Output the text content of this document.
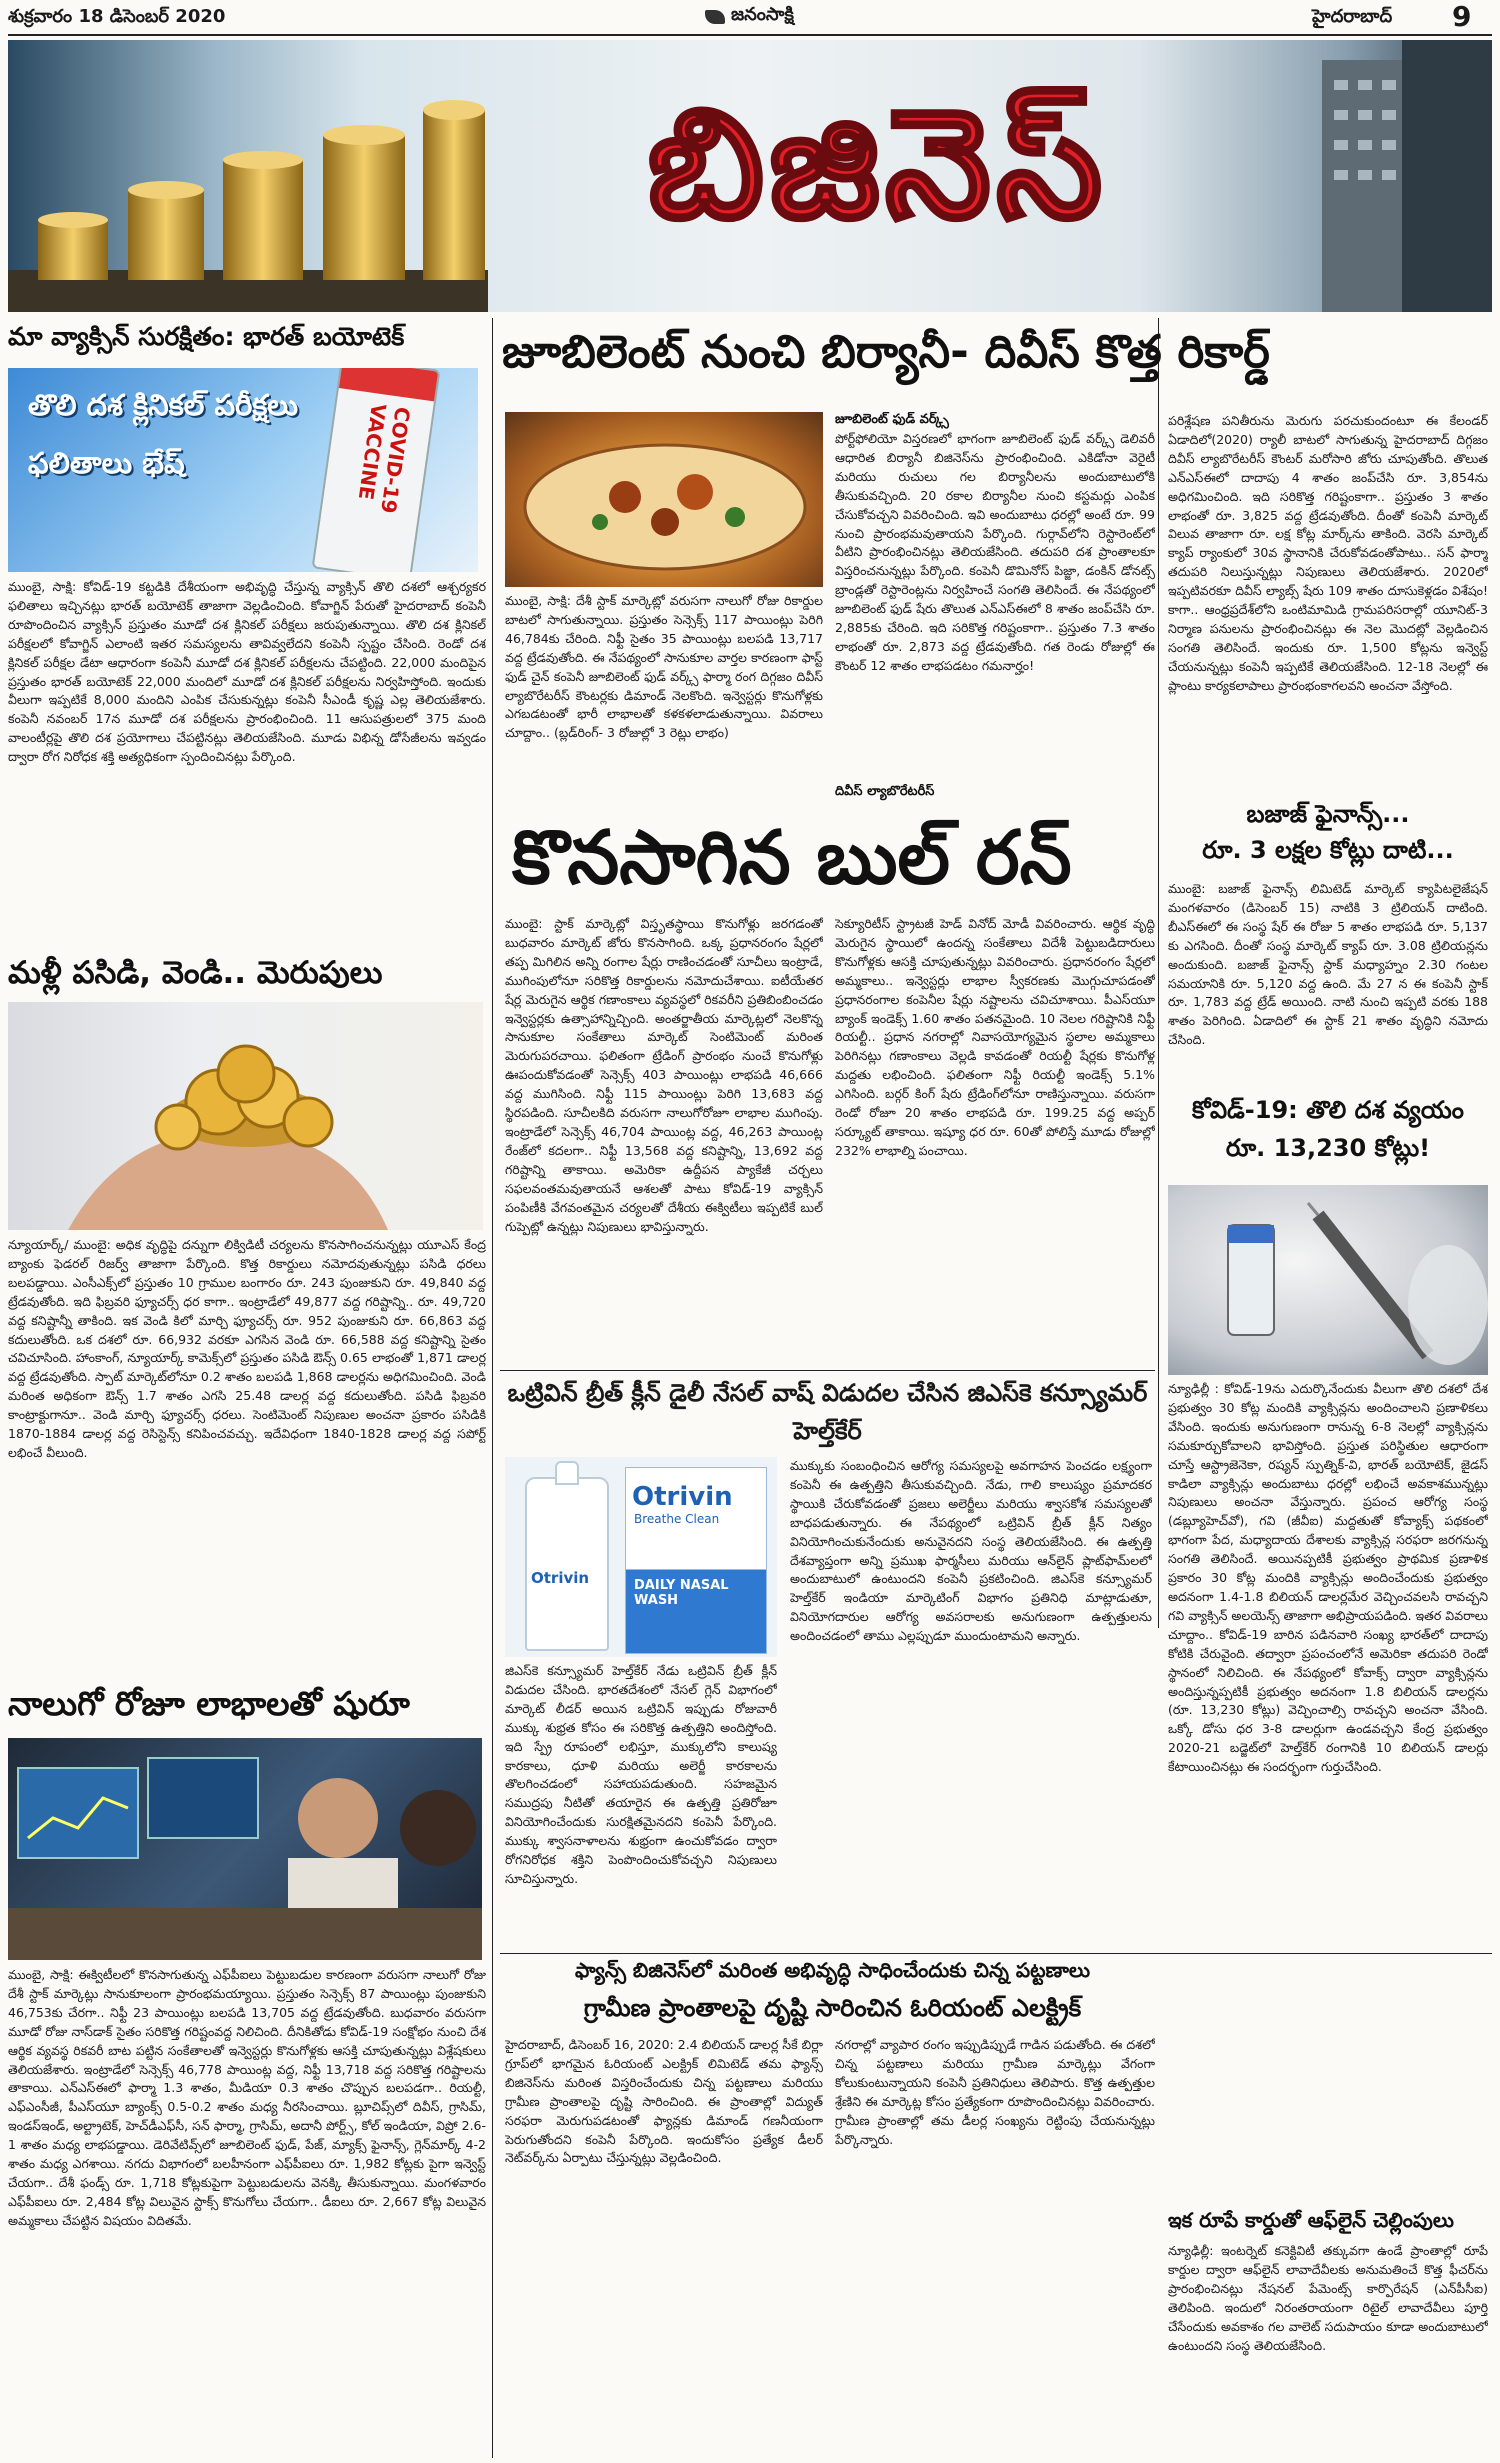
శుక్రవారం 18 డిసెంబర్ 2020	జనంసాక్షి	హైదరాబాద్ 9
బిజినెస్
మా వ్యాక్సిన్ సురక్షితం: భారత్ బయోటెక్
తొలి దశ క్లినికల్ పరీక్షలు ఫలితాలు భేష్	COVID-19 VACCINE
ముంబై, సాక్షి: కోవిడ్-19 కట్టడికి దేశీయంగా అభివృద్ధి చేస్తున్న వ్యాక్సిన్ తొలి దశలో ఆశ్చర్యకర ఫలితాలు ఇచ్చినట్లు భారత్ బయోటెక్ తాజాగా వెల్లడించింది. కోవాగ్జిన్ పేరుతో హైదరాబాద్ కంపెనీ రూపొందించిన వ్యాక్సిన్ ప్రస్తుతం మూడో దశ క్లినికల్ పరీక్షలు జరుపుతున్నాయి. తొలి దశ క్లినికల్ పరీక్షలలో కోవాగ్జిన్ ఎలాంటి ఇతర సమస్యలను తావివ్వలేదని కంపెనీ స్పష్టం చేసింది. రెండో దశ క్లినికల్ పరీక్షల డేటా ఆధారంగా కంపెనీ మూడో దశ క్లినికల్ పరీక్షలను చేపట్టింది. 22,000 మందిపైన ప్రస్తుతం భారత్ బయోటెక్ 22,000 మందిలో మూడో దశ క్లినికల్ పరీక్షలను నిర్వహిస్తోంది. ఇందుకు వీలుగా ఇప్పటికే 8,000 మందిని ఎంపిక చేసుకున్నట్లు కంపెనీ సీఎండీ కృష్ణ ఎల్ల తెలియజేశారు. కంపెనీ నవంబర్ 17న మూడో దశ పరీక్షలను ప్రారంభించింది. 11 ఆసుపత్రులలో 375 మంది వాలంటీర్లపై తొలి దశ ప్రయోగాలు చేపట్టినట్లు తెలియజేసింది. మూడు విభిన్న డోసేజీలను ఇవ్వడం ద్వారా రోగ నిరోధక శక్తి అత్యధికంగా స్పందించినట్లు పేర్కొంది.
మళ్లీ పసిడి, వెండి.. మెరుపులు
న్యూయార్క్/ ముంబై: అధిక వృద్ధిపై దన్నుగా లిక్విడిటీ చర్యలను కొనసాగించనున్నట్లు యూఎస్ కేంద్ర బ్యాంకు ఫెడరల్ రిజర్వ్ తాజాగా పేర్కొంది. కొత్త రికార్డులు నమోదవుతున్నట్లు పసిడి ధరలు బలపడ్డాయి. ఎంసీఎక్స్‌లో ప్రస్తుతం 10 గ్రాముల బంగారం రూ. 243 పుంజుకుని రూ. 49,840 వద్ద ట్రేడవుతోంది. ఇది ఫిబ్రవరి ఫ్యూచర్స్ ధర కాగా.. ఇంట్రాడేలో 49,877 వద్ద గరిష్టాన్ని.. రూ. 49,720 వద్ద కనిష్టాన్నీ తాకింది. ఇక వెండి కిలో మార్చి ఫ్యూచర్స్ రూ. 952 పుంజుకుని రూ. 66,863 వద్ద కదులుతోంది. ఒక దశలో రూ. 66,932 వరకూ ఎగసిన వెండి రూ. 66,588 వద్ద కనిష్టాన్ని సైతం చవిచూసింది. హాంకాంగ్, న్యూయార్క్ కామెక్స్‌లో ప్రస్తుతం పసిడి ఔన్స్ 0.65 లాభంతో 1,871 డాలర్ల వద్ద ట్రేడవుతోంది. స్పాట్ మార్కెట్‌లోనూ 0.2 శాతం బలపడి 1,868 డాలర్లను అధిగమించింది. వెండి మరింత అధికంగా ఔన్స్ 1.7 శాతం ఎగసి 25.48 డాలర్ల వద్ద కదులుతోంది. పసిడి ఫిబ్రవరి కాంట్రాక్టుగానూ.. వెండి మార్చి ఫ్యూచర్స్ ధరలు. సెంటిమెంట్ నిపుణుల అంచనా ప్రకారం పసిడికి 1870-1884 డాలర్ల వద్ద రెసిస్టెన్స్ కనిపించవచ్చు. ఇదేవిధంగా 1840-1828 డాలర్ల వద్ద సపోర్ట్ లభించే వీలుంది.
నాలుగో రోజూ లాభాలతో షురూ
ముంబై, సాక్షి: ఈక్విటీలలో కొనసాగుతున్న ఎఫ్‌పీఐలు పెట్టుబడుల కారణంగా వరుసగా నాలుగో రోజు దేశీ స్టాక్ మార్కెట్లు సానుకూలంగా ప్రారంభమయ్యాయి. ప్రస్తుతం సెన్సెక్స్ 87 పాయింట్లు పుంజుకుని 46,753కు చేరగా.. నిఫ్టీ 23 పాయింట్లు బలపడి 13,705 వద్ద ట్రేడవుతోంది. బుధవారం వరుసగా మూడో రోజు నాస్‌డాక్ సైతం సరికొత్త గరిష్టంవద్ద నిలిచింది. దీనికితోడు కోవిడ్-19 సంక్షోభం నుంచి దేశ ఆర్థిక వ్యవస్థ రికవరీ బాట పట్టిన సంకేతాలతో ఇన్వెస్టర్లు కొనుగోళ్లకు ఆసక్తి చూపుతున్నట్లు విశ్లేషకులు తెలియజేశారు. ఇంట్రాడేలో సెన్సెక్స్ 46,778 పాయింట్ల వద్ద, నిఫ్టీ 13,718 వద్ద సరికొత్త గరిష్టాలను తాకాయి. ఎన్ఎస్ఈలో ఫార్మా 1.3 శాతం, మీడియా 0.3 శాతం చొప్పున బలపడగా.. రియల్టీ, ఎఫ్ఎంసీజీ, పీఎస్‌యూ బ్యాంక్స్ 0.5-0.2 శాతం మధ్య నీరసించాయి. బ్లూచిప్స్‌లో దివీస్, గ్రాసిమ్, ఇండస్ఇండ్, అల్ట్రాటెక్, హెచ్‌డీఎఫ్‌సీ, సన్ ఫార్మా, గ్రాసిమ్, అదానీ పోర్ట్స్, కోల్ ఇండియా, విప్రో 2.6-1 శాతం మధ్య లాభపడ్డాయి. డెరివేటివ్స్‌లో జూబిలెంట్ ఫుడ్, పేజ్, మ్యాక్స్ ఫైనాన్స్, గ్లెన్‌మార్క్ 4-2 శాతం మధ్య ఎగశాయి. నగదు విభాగంలో బలహీనంగా ఎఫ్‌పీఐలు రూ. 1,982 కోట్లకు పైగా ఇన్వెస్ట్ చేయగా.. దేశీ ఫండ్స్ రూ. 1,718 కోట్లకుపైగా పెట్టుబడులను వెనక్కి తీసుకున్నాయి. మంగళవారం ఎఫ్‌పీఐలు రూ. 2,484 కోట్ల విలువైన స్టాక్స్ కొనుగోలు చేయగా.. డీఐలు రూ. 2,667 కోట్ల విలువైన అమ్మకాలు చేపట్టిన విషయం విదితమే.
జూబిలెంట్ నుంచి బిర్యానీ- దివీస్ కొత్త రికార్డ్
ముంబై, సాక్షి: దేశీ స్టాక్ మార్కెట్లో వరుసగా నాలుగో రోజు రికార్డుల బాటలో సాగుతున్నాయి. ప్రస్తుతం సెన్సెక్స్ 117 పాయింట్లు పెరిగి 46,784కు చేరింది. నిఫ్టీ సైతం 35 పాయింట్లు బలపడి 13,717 వద్ద ట్రేడవుతోంది. ఈ నేపథ్యంలో సానుకూల వార్తల కారణంగా ఫాస్ట్ ఫుడ్ చైన్ కంపెనీ జూబిలెంట్ ఫుడ్ వర్క్స్ ఫార్మా రంగ దిగ్గజం దివీస్ ల్యాబొరేటరీస్ కౌంటర్లకు డిమాండ్ నెలకొంది. ఇన్వెస్టర్లు కొనుగోళ్లకు ఎగబడటంతో భారీ లాభాలతో కళకళలాడుతున్నాయి. వివరాలు చూద్దాం.. (బ్లడ్‌రింగ్- 3 రోజుల్లో 3 రెట్లు లాభం)
జూబిలెంట్ ఫుడ్ వర్క్స్
పోర్ట్‌ఫోలియో విస్తరణలో భాగంగా జూబిలెంట్ ఫుడ్ వర్క్స్ డెలివరీ ఆధారిత బిర్యానీ బిజినెస్‌ను ప్రారంభించింది. ఎకిడోనా వెరైటీ మరియు రుచులు గల బిర్యానీలను అందుబాటులోకి తీసుకువచ్చింది. 20 రకాల బిర్యానీల నుంచి కస్టమర్లు ఎంపిక చేసుకోవచ్చని వివరించింది. ఇవి అందుబాటు ధరల్లో అంటే రూ. 99 నుంచి ప్రారంభమవుతాయని పేర్కొంది. గుర్గావ్‌లోని రెస్టారెంట్‌లో వీటిని ప్రారంభించినట్లు తెలియజేసింది. తదుపరి దశ ప్రాంతాలకూ విస్తరించనున్నట్లు పేర్కొంది. కంపెనీ డొమినోస్ పిజ్జా, డంకిన్ డోనట్స్ బ్రాండ్లతో రెస్టారెంట్లను నిర్వహించే సంగతి తెలిసిందే. ఈ నేపథ్యంలో జూబిలెంట్ ఫుడ్ షేరు తొలుత ఎన్ఎస్ఈలో 8 శాతం జంప్‌చేసి రూ. 2,885కు చేరింది. ఇది సరికొత్త గరిష్టంకాగా.. ప్రస్తుతం 7.3 శాతం లాభంతో రూ. 2,873 వద్ద ట్రేడవుతోంది. గత రెండు రోజుల్లో ఈ కౌంటర్ 12 శాతం లాభపడటం గమనార్హం!
దివీస్ ల్యాబొరేటరీస్
పరిశ్లేషణ పనితీరును మెరుగు పరచుకుందంటూ ఈ కేలండర్ ఏడాదిలో(2020) ర్యాలీ బాటలో సాగుతున్న హైదరాబాద్ దిగ్గజం దివీస్ ల్యాబొరేటరీస్ కౌంటర్ మరోసారి జోరు చూపుతోంది. తొలుత ఎన్ఎస్ఈలో దాదాపు 4 శాతం జంప్‌చేసి రూ. 3,854ను అధిగమించింది. ఇది సరికొత్త గరిష్టంకాగా.. ప్రస్తుతం 3 శాతం లాభంతో రూ. 3,825 వద్ద ట్రేడవుతోంది. దీంతో కంపెనీ మార్కెట్ విలువ తాజాగా రూ. లక్ష కోట్ల మార్క్‌ను తాకింది. వెరసి మార్కెట్ క్యాప్ ర్యాంకులో 30వ స్థానానికి చేరుకోవడంతోపాటు.. సన్ ఫార్మా తదుపరి నిలుస్తున్నట్లు నిపుణులు తెలియజేశారు. 2020లో ఇప్పటివరకూ దివీస్ ల్యాబ్స్ షేరు 109 శాతం దూసుకెళ్లడం విశేషం! కాగా.. ఆంధ్రప్రదేశ్‌లోని ఒంటిమామిడి గ్రామపరిసరాల్లో యూనిట్-3 నిర్మాణ పనులను ప్రారంభించినట్లు ఈ నెల మొదట్లో వెల్లడించిన సంగతి తెలిసిందే. ఇందుకు రూ. 1,500 కోట్లను ఇన్వెస్ట్ చేయనున్నట్లు కంపెనీ ఇప్పటికే తెలియజేసింది. 12-18 నెలల్లో ఈ ప్లాంటు కార్యకలాపాలు ప్రారంభంకాగలవని అంచనా వేస్తోంది.
కొనసాగిన బుల్ రన్
ముంబై: స్టాక్ మార్కెట్లో విస్తృతస్థాయి కొనుగోళ్లు జరగడంతో బుధవారం మార్కెట్ జోరు కొనసాగింది. ఒక్క ప్రధానరంగం షేర్లలో తప్ప మిగిలిన అన్ని రంగాల షేర్లు రాణించడంతో సూచీలు ఇంట్రాడే, ముగింపులోనూ సరికొత్త రికార్డులను నమోదుచేశాయి. ఐటీయేతర షేర్ల మెరుగైన ఆర్థిక గణాంకాలు వ్యవస్థలో రికవరీని ప్రతిబింబించడం ఇన్వెస్టర్లకు ఉత్సాహాన్నిచ్చింది. అంతర్జాతీయ మార్కెట్లలో నెలకొన్న సానుకూల సంకేతాలు మార్కెట్ సెంటిమెంట్ మరింత మెరుగుపరచాయి. ఫలితంగా ట్రేడింగ్ ప్రారంభం నుంచే కొనుగోళ్లు ఊపందుకోవడంతో సెన్సెక్స్ 403 పాయింట్లు లాభపడి 46,666 వద్ద ముగిసింది. నిఫ్టీ 115 పాయింట్లు పెరిగి 13,683 వద్ద స్థిరపడింది. సూచీలకిది వరుసగా నాలుగోరోజూ లాభాల ముగింపు. ఇంట్రాడేలో సెన్సెక్స్ 46,704 పాయింట్ల వద్ద, 46,263 పాయింట్ల రేంజ్‌లో కదలగా.. నిఫ్టీ 13,568 వద్ద కనిష్టాన్ని, 13,692 వద్ద గరిష్టాన్ని తాకాయి. అమెరికా ఉద్దీపన ప్యాకేజీ చర్చలు సఫలవంతమవుతాయనే ఆశలతో పాటు కోవిడ్-19 వ్యాక్సిన్ పంపిణీకి వేగవంతమైన చర్యలతో దేశీయ ఈక్విటీలు ఇప్పటికే బుల్ గుప్పెట్లో ఉన్నట్లు నిపుణులు భావిస్తున్నారు.
సెక్యూరిటీస్ స్ట్రాటజీ హెడ్ వినోద్ మోడీ వివరించారు. ఆర్థిక వృద్ధి మెరుగైన స్థాయిలో ఉందన్న సంకేతాలు విదేశీ పెట్టుబడిదారులు కొనుగోళ్లకు ఆసక్తి చూపుతున్నట్లు వివరించారు. ప్రధానరంగం షేర్లలో అమ్మకాలు.. ఇన్వెస్టర్లు లాభాల స్వీకరణకు మొగ్గుచూపడంతో ప్రధానరంగాల కంపెనీల షేర్లు నష్టాలను చవిచూశాయి. పీఎస్‌యూ బ్యాంక్ ఇండెక్స్ 1.60 శాతం పతనమైంది. 10 నెలల గరిష్టానికి నిఫ్టీ రియల్టీ.. ప్రధాన నగరాల్లో నివాసయోగ్యమైన స్థలాల అమ్మకాలు పెరిగినట్లు గణాంకాలు వెల్లడి కావడంతో రియల్టీ షేర్లకు కొనుగోళ్ల మద్దతు లభించింది. ఫలితంగా నిఫ్టీ రియల్టీ ఇండెక్స్ 5.1% ఎగిసింది. బర్గర్ కింగ్ షేరు ట్రేడింగ్‌లోనూ రాణిస్తున్నాయి. వరుసగా రెండో రోజూ 20 శాతం లాభపడి రూ. 199.25 వద్ద అప్పర్ సర్క్యూట్ తాకాయి. ఇష్యూ ధర రూ. 60తో పోలిస్తే మూడు రోజుల్లో 232% లాభాల్ని పంచాయి.
ఒట్రివిన్ బ్రీత్ క్లీన్ డైలీ నేసల్ వాష్ విడుదల చేసిన జిఎస్‌కె కన్స్యూమర్ హెల్త్‌కేర్
Otrivin
Otrivin
Breathe Clean
DAILY NASAL WASH
జిఎస్‌కె కన్స్యూమర్ హెల్త్‌కేర్ నేడు ఒట్రివిన్ బ్రీత్ క్లీన్ విడుదల చేసింది. భారతదేశంలో నేసల్ గ్లెన్ విభాగంలో మార్కెట్ లీడర్ అయిన ఒట్రివిన్ ఇప్పుడు రోజువారీ ముక్కు శుభ్రత కోసం ఈ సరికొత్త ఉత్పత్తిని అందిస్తోంది. ఇది స్ప్రే రూపంలో లభిస్తూ, ముక్కులోని కాలుష్య కారకాలు, ధూళి మరియు అలెర్జీ కారకాలను తొలగించడంలో సహాయపడుతుంది. సహజమైన సముద్రపు నీటితో తయారైన ఈ ఉత్పత్తి ప్రతిరోజూ వినియోగించేందుకు సురక్షితమైనదని కంపెనీ పేర్కొంది. ముక్కు శ్వాసనాళాలను శుభ్రంగా ఉంచుకోవడం ద్వారా రోగనిరోధక శక్తిని పెంపొందించుకోవచ్చని నిపుణులు సూచిస్తున్నారు.
ముక్కుకు సంబంధించిన ఆరోగ్య సమస్యలపై అవగాహన పెంచడం లక్ష్యంగా కంపెనీ ఈ ఉత్పత్తిని తీసుకువచ్చింది. నేడు, గాలి కాలుష్యం ప్రమాదకర స్థాయికి చేరుకోవడంతో ప్రజలు అలెర్జీలు మరియు శ్వాసకోశ సమస్యలతో బాధపడుతున్నారు. ఈ నేపథ్యంలో ఒట్రివిన్ బ్రీత్ క్లీన్ నిత్యం వినియోగించుకునేందుకు అనువైనదని సంస్థ తెలియజేసింది. ఈ ఉత్పత్తి దేశవ్యాప్తంగా అన్ని ప్రముఖ ఫార్మసీలు మరియు ఆన్‌లైన్ ప్లాట్‌ఫామ్‌లలో అందుబాటులో ఉంటుందని కంపెనీ ప్రకటించింది. జిఎస్‌కె కన్స్యూమర్ హెల్త్‌కేర్ ఇండియా మార్కెటింగ్ విభాగం ప్రతినిధి మాట్లాడుతూ, వినియోగదారుల ఆరోగ్య అవసరాలకు అనుగుణంగా ఉత్పత్తులను అందించడంలో తాము ఎల్లప్పుడూ ముందుంటామని అన్నారు.
ఫ్యాన్స్ బిజినెస్‌లో మరింత అభివృద్ధి సాధించేందుకు చిన్న పట్టణాలు
గ్రామీణ ప్రాంతాలపై దృష్టి సారించిన ఓరియంట్ ఎలక్ట్రిక్
హైదరాబాద్, డిసెంబర్ 16, 2020: 2.4 బిలియన్ డాలర్ల సీకే బిర్లా గ్రూప్‌లో భాగమైన ఓరియంట్ ఎలక్ట్రిక్ లిమిటెడ్ తమ ఫ్యాన్స్ బిజినెస్‌ను మరింత విస్తరించేందుకు చిన్న పట్టణాలు మరియు గ్రామీణ ప్రాంతాలపై దృష్టి సారించింది. ఈ ప్రాంతాల్లో విద్యుత్ సరఫరా మెరుగుపడటంతో ఫ్యాన్లకు డిమాండ్ గణనీయంగా పెరుగుతోందని కంపెనీ పేర్కొంది. ఇందుకోసం ప్రత్యేక డీలర్ నెట్‌వర్క్‌ను ఏర్పాటు చేస్తున్నట్లు వెల్లడించింది.
నగరాల్లో వ్యాపార రంగం ఇప్పుడిప్పుడే గాడిన పడుతోంది. ఈ దశలో చిన్న పట్టణాలు మరియు గ్రామీణ మార్కెట్లు వేగంగా కోలుకుంటున్నాయని కంపెనీ ప్రతినిధులు తెలిపారు. కొత్త ఉత్పత్తుల శ్రేణిని ఈ మార్కెట్ల కోసం ప్రత్యేకంగా రూపొందించినట్లు వివరించారు. గ్రామీణ ప్రాంతాల్లో తమ డీలర్ల సంఖ్యను రెట్టింపు చేయనున్నట్లు పేర్కొన్నారు.
బజాజ్ ఫైనాన్స్...
రూ. 3 లక్షల కోట్లు దాటి...
ముంబై: బజాజ్ ఫైనాన్స్ లిమిటెడ్ మార్కెట్ క్యాపిటలైజేషన్ మంగళవారం (డిసెంబర్ 15) నాటికి 3 ట్రిలియన్ దాటింది. బీఎస్ఈలో ఈ సంస్థ షేర్ ఈ రోజు 5 శాతం లాభపడి రూ. 5,137 కు ఎగసింది. దీంతో సంస్థ మార్కెట్ క్యాప్ రూ. 3.08 ట్రిలియన్లను అందుకుంది. బజాజ్ ఫైనాన్స్ స్టాక్ మధ్యాహ్నం 2.30 గంటల సమయానికి రూ. 5,120 వద్ద ఉంది. మే 27 న ఈ కంపెనీ స్టాక్ రూ. 1,783 వద్ద ట్రేడ్ అయింది. నాటి నుంచి ఇప్పటి వరకు 188 శాతం పెరిగింది. ఏడాదిలో ఈ స్టాక్ 21 శాతం వృద్ధిని నమోదు చేసింది.
కోవిడ్-19: తొలి దశ వ్యయం
రూ. 13,230 కోట్లు!
న్యూఢిల్లీ : కోవిడ్-19ను ఎదుర్కొనేందుకు వీలుగా తొలి దశలో దేశ ప్రభుత్వం 30 కోట్ల మందికి వ్యాక్సిన్లను అందించాలని ప్రణాళికలు వేసింది. ఇందుకు అనుగుణంగా రానున్న 6-8 నెలల్లో వ్యాక్సిన్లను సమకూర్చుకోవాలని భావిస్తోంది. ప్రస్తుత పరిస్థితుల ఆధారంగా చూస్తే ఆస్ట్రాజెనెకా, రష్యన్ స్పుత్నిక్-వి, భారత్ బయోటెక్, జైడస్ కాడిలా వ్యాక్సిన్లు అందుబాటు ధరల్లో లభించే అవకాశమున్నట్లు నిపుణులు అంచనా వేస్తున్నారు. ప్రపంచ ఆరోగ్య సంస్థ (డబ్ల్యూహెచ్‌వో), గవి (జీవీఐ) మద్దతుతో కోవ్యాక్స్ పథకంలో భాగంగా పేద, మధ్యాదాయ దేశాలకు వ్యాక్సిన్ల సరఫరా జరగనున్న సంగతి తెలిసిందే. అయినప్పటికీ ప్రభుత్వం ప్రాథమిక ప్రణాళిక ప్రకారం 30 కోట్ల మందికి వ్యాక్సిన్లు అందించేందుకు ప్రభుత్వం అదనంగా 1.4-1.8 బిలియన్ డాలర్లమేర వెచ్చించవలసి రావచ్చని గవి వ్యాక్సిన్ అలయెన్స్ తాజాగా అభిప్రాయపడింది. ఇతర వివరాలు చూద్దాం.. కోవిడ్-19 బారిన పడినవారి సంఖ్య భారత్‌లో దాదాపు కోటికి చేరువైంది. తద్వారా ప్రపంచంలోనే అమెరికా తదుపరి రెండో స్థానంలో నిలిచింది. ఈ నేపథ్యంలో కోవాక్స్ ద్వారా వ్యాక్సిన్లను అందిస్తున్నప్పటికీ ప్రభుత్వం అదనంగా 1.8 బిలియన్ డాలర్లను (రూ. 13,230 కోట్లు) వెచ్చించాల్సి రావచ్చని అంచనా వేసింది. ఒక్కో డోసు ధర 3-8 డాలర్లుగా ఉండవచ్చని కేంద్ర ప్రభుత్వం 2020-21 బడ్జెట్‌లో హెల్త్‌కేర్ రంగానికి 10 బిలియన్ డాలర్లు కేటాయించినట్లు ఈ సందర్భంగా గుర్తుచేసింది.
ఇక రూపే కార్డుతో ఆఫ్‌లైన్ చెల్లింపులు
న్యూఢిల్లీ: ఇంటర్నెట్ కనెక్టివిటీ తక్కువగా ఉండే ప్రాంతాల్లో రూపే కార్డుల ద్వారా ఆఫ్‌లైన్ లావాదేవీలకు అనుమతించే కొత్త ఫీచర్‌ను ప్రారంభించినట్లు నేషనల్ పేమెంట్స్ కార్పొరేషన్ (ఎన్‌పీసీఐ) తెలిపింది. ఇందులో నిరంతరాయంగా రిటైల్ లావాదేవీలు పూర్తి చేసేందుకు అవకాశం గల వాలెట్ సదుపాయం కూడా అందుబాటులో ఉంటుందని సంస్థ తెలియజేసింది.
